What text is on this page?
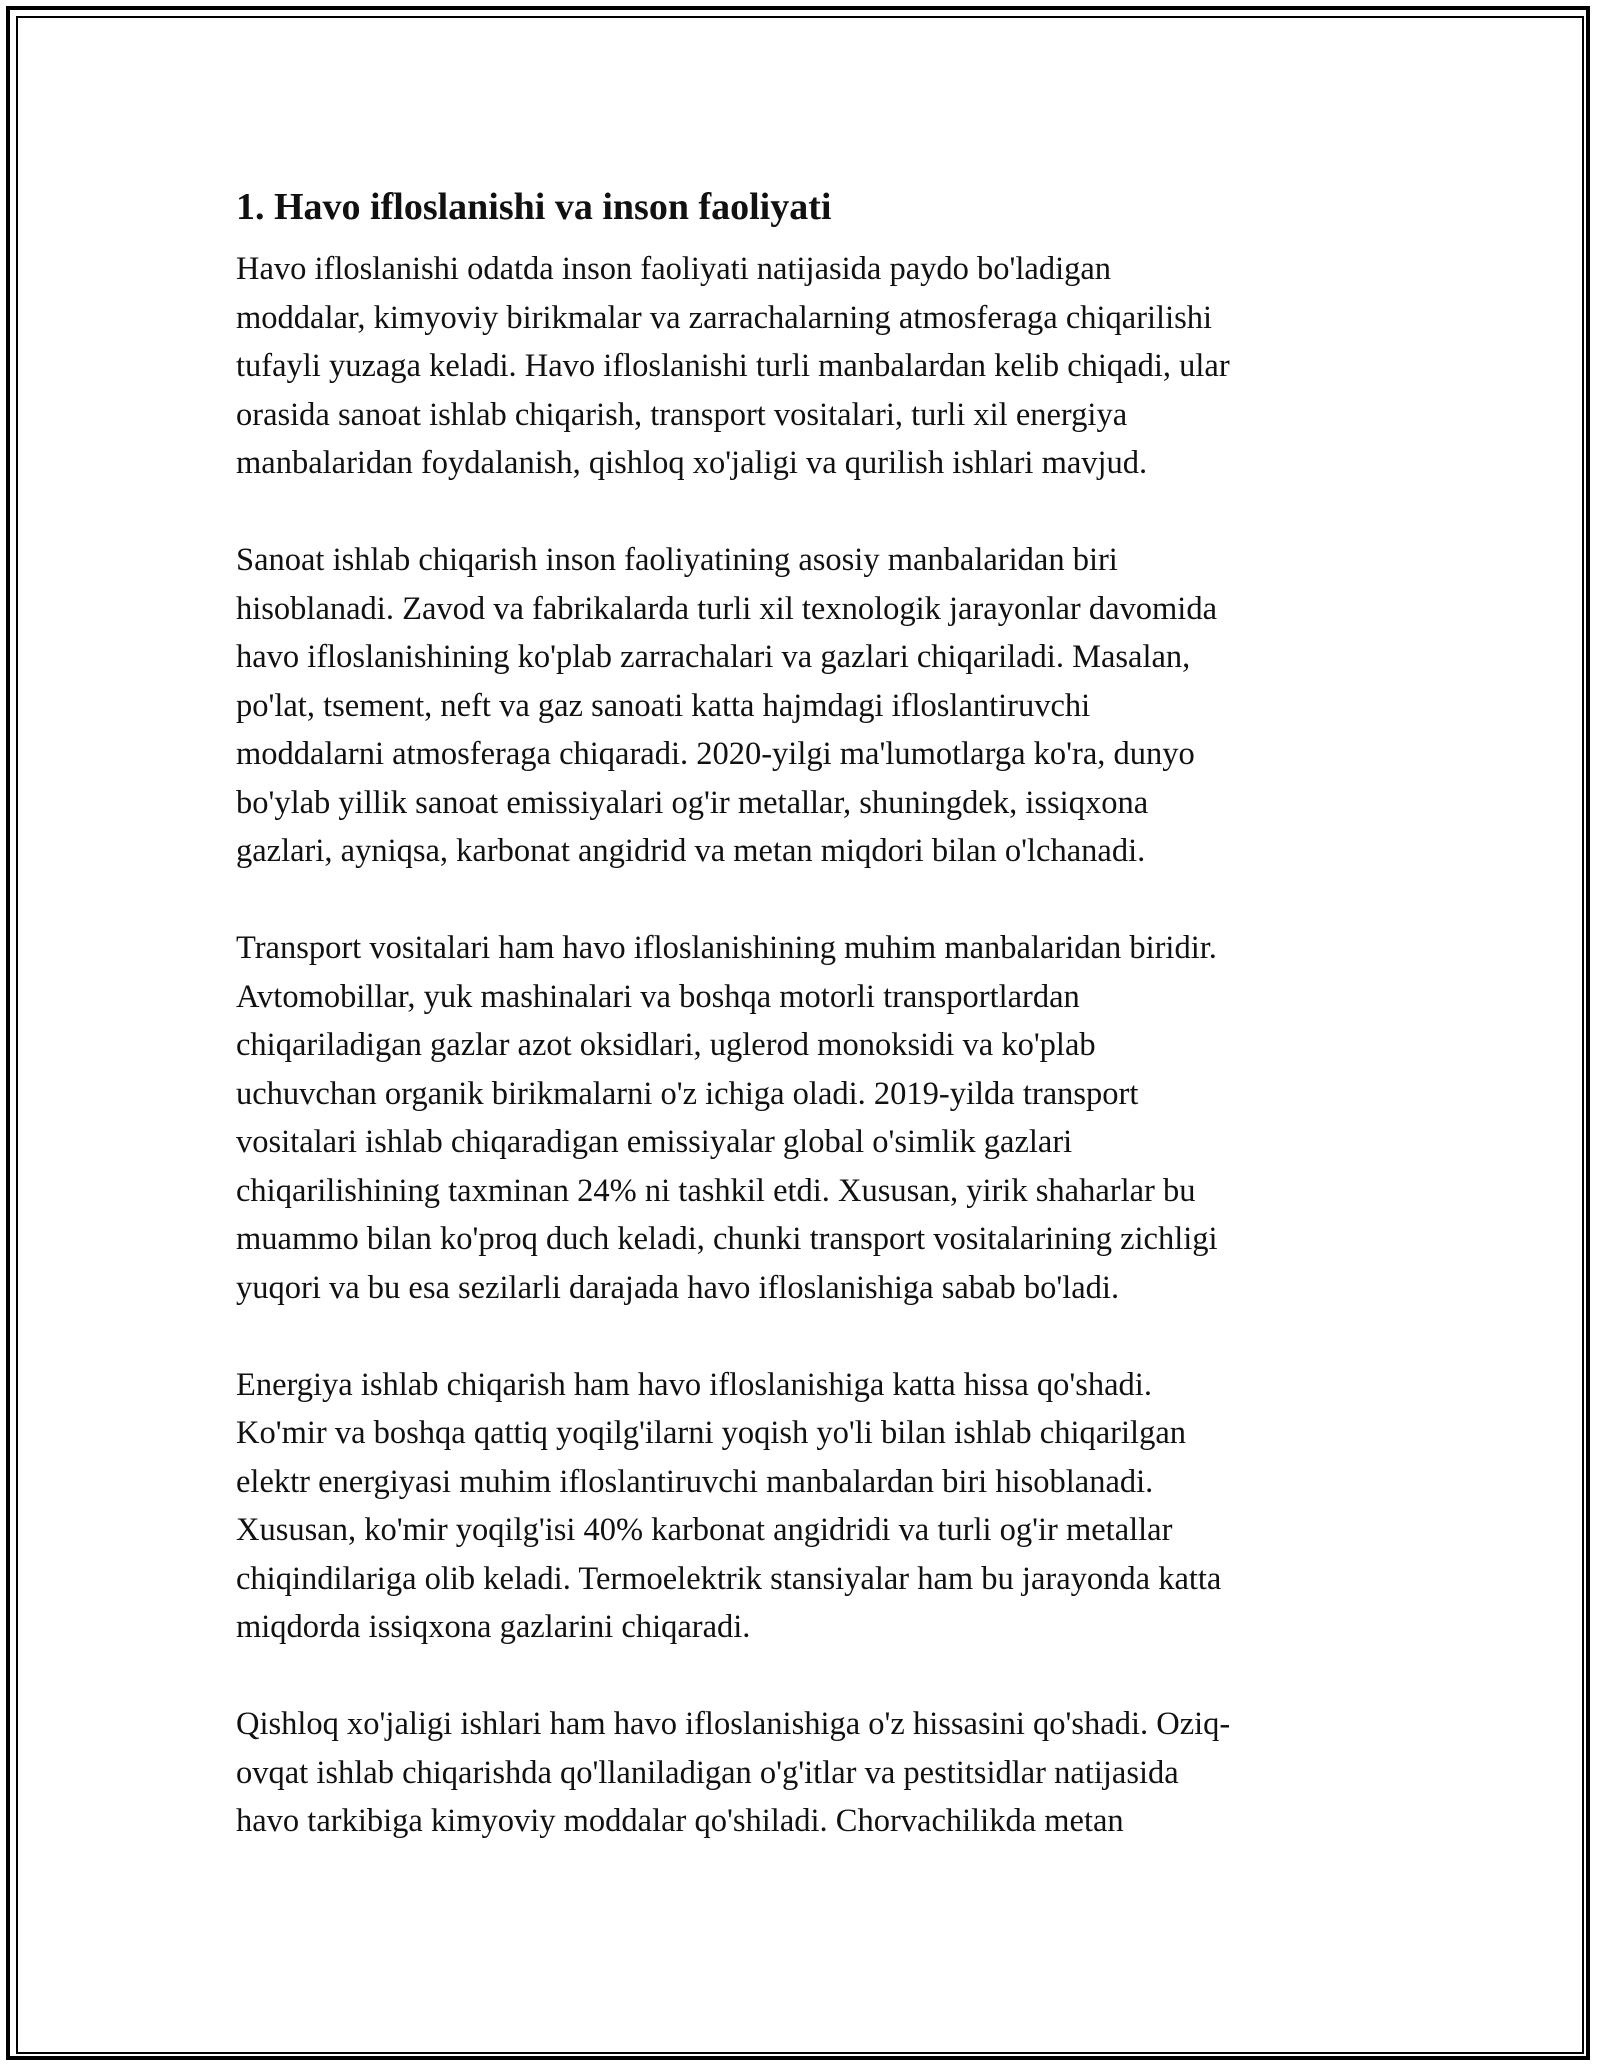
1. Havo ifloslanishi va inson faoliyati

Havo ifloslanishi odatda inson faoliyati natijasida paydo bo'ladigan
moddalar, kimyoviy birikmalar va zarrachalarning atmosferaga chiqarilishi
tufayli yuzaga keladi. Havo ifloslanishi turli manbalardan kelib chiqadi, ular
orasida sanoat ishlab chiqarish, transport vositalari, turli xil energiya
manbalaridan foydalanish, qishloq xo'jaligi va qurilish ishlari mavjud.

Sanoat ishlab chiqarish inson faoliyatining asosiy manbalaridan biri
hisoblanadi. Zavod va fabrikalarda turli xil texnologik jarayonlar davomida
havo ifloslanishining ko'plab zarrachalari va gazlari chiqariladi. Masalan,
po'lat, tsement, neft va gaz sanoati katta hajmdagi ifloslantiruvchi
moddalarni atmosferaga chiqaradi. 2020-yilgi ma'lumotlarga ko'ra, dunyo
bo'ylab yillik sanoat emissiyalari og'ir metallar, shuningdek, issiqxona
gazlari, ayniqsa, karbonat angidrid va metan miqdori bilan o'lchanadi.

Transport vositalari ham havo ifloslanishining muhim manbalaridan biridir.
Avtomobillar, yuk mashinalari va boshqa motorli transportlardan
chiqariladigan gazlar azot oksidlari, uglerod monoksidi va ko'plab
uchuvchan organik birikmalarni o'z ichiga oladi. 2019-yilda transport
vositalari ishlab chiqaradigan emissiyalar global o'simlik gazlari
chiqarilishining taxminan 24% ni tashkil etdi. Xususan, yirik shaharlar bu
muammo bilan ko'proq duch keladi, chunki transport vositalarining zichligi
yuqori va bu esa sezilarli darajada havo ifloslanishiga sabab bo'ladi.

Energiya ishlab chiqarish ham havo ifloslanishiga katta hissa qo'shadi.
Ko'mir va boshqa qattiq yoqilg'ilarni yoqish yo'li bilan ishlab chiqarilgan
elektr energiyasi muhim ifloslantiruvchi manbalardan biri hisoblanadi.
Xususan, ko'mir yoqilg'isi 40% karbonat angidridi va turli og'ir metallar
chiqindilariga olib keladi. Termoelektrik stansiyalar ham bu jarayonda katta
miqdorda issiqxona gazlarini chiqaradi.

Qishloq xo'jaligi ishlari ham havo ifloslanishiga o'z hissasini qo'shadi. Oziq-
ovqat ishlab chiqarishda qo'llaniladigan o'g'itlar va pestitsidlar natijasida
havo tarkibiga kimyoviy moddalar qo'shiladi. Chorvachilikda metan
